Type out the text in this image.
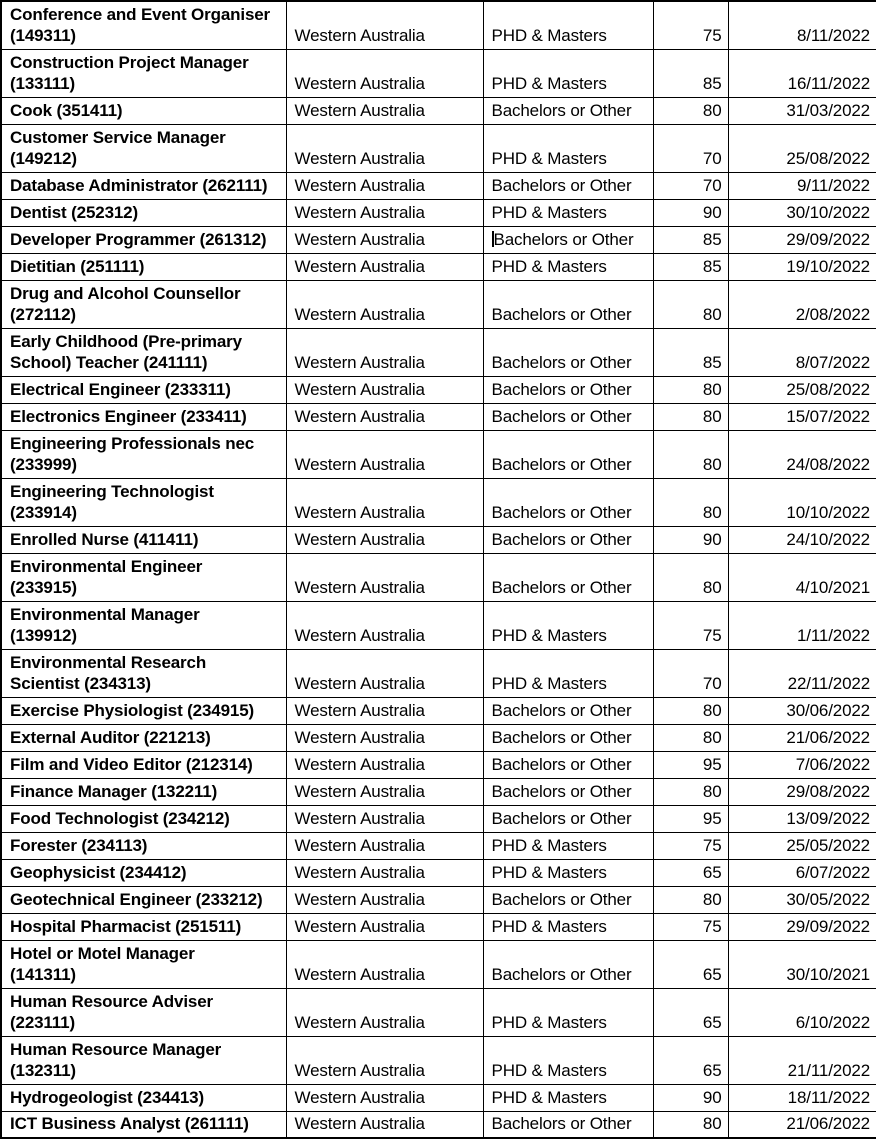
Conference and Event Organiser
(149311)	Western Australia	PHD & Masters	75	8/11/2022
Construction Project Manager
(133111)	Western Australia	PHD & Masters	85	16/11/2022
Cook (351411)	Western Australia	Bachelors or Other	80	31/03/2022
Customer Service Manager
(149212)	Western Australia	PHD & Masters	70	25/08/2022
Database Administrator (262111)	Western Australia	Bachelors or Other	70	9/11/2022
Dentist (252312)	Western Australia	PHD & Masters	90	30/10/2022
Developer Programmer (261312)	Western Australia	Bachelors or Other	85	29/09/2022
Dietitian (251111)	Western Australia	PHD & Masters	85	19/10/2022
Drug and Alcohol Counsellor
(272112)	Western Australia	Bachelors or Other	80	2/08/2022
Early Childhood (Pre-primary
School) Teacher (241111)	Western Australia	Bachelors or Other	85	8/07/2022
Electrical Engineer (233311)	Western Australia	Bachelors or Other	80	25/08/2022
Electronics Engineer (233411)	Western Australia	Bachelors or Other	80	15/07/2022
Engineering Professionals nec
(233999)	Western Australia	Bachelors or Other	80	24/08/2022
Engineering Technologist
(233914)	Western Australia	Bachelors or Other	80	10/10/2022
Enrolled Nurse (411411)	Western Australia	Bachelors or Other	90	24/10/2022
Environmental Engineer
(233915)	Western Australia	Bachelors or Other	80	4/10/2021
Environmental Manager
(139912)	Western Australia	PHD & Masters	75	1/11/2022
Environmental Research
Scientist (234313)	Western Australia	PHD & Masters	70	22/11/2022
Exercise Physiologist (234915)	Western Australia	Bachelors or Other	80	30/06/2022
External Auditor (221213)	Western Australia	Bachelors or Other	80	21/06/2022
Film and Video Editor (212314)	Western Australia	Bachelors or Other	95	7/06/2022
Finance Manager (132211)	Western Australia	Bachelors or Other	80	29/08/2022
Food Technologist (234212)	Western Australia	Bachelors or Other	95	13/09/2022
Forester (234113)	Western Australia	PHD & Masters	75	25/05/2022
Geophysicist (234412)	Western Australia	PHD & Masters	65	6/07/2022
Geotechnical Engineer (233212)	Western Australia	Bachelors or Other	80	30/05/2022
Hospital Pharmacist (251511)	Western Australia	PHD & Masters	75	29/09/2022
Hotel or Motel Manager
(141311)	Western Australia	Bachelors or Other	65	30/10/2021
Human Resource Adviser
(223111)	Western Australia	PHD & Masters	65	6/10/2022
Human Resource Manager
(132311)	Western Australia	PHD & Masters	65	21/11/2022
Hydrogeologist (234413)	Western Australia	PHD & Masters	90	18/11/2022
ICT Business Analyst (261111)	Western Australia	Bachelors or Other	80	21/06/2022
